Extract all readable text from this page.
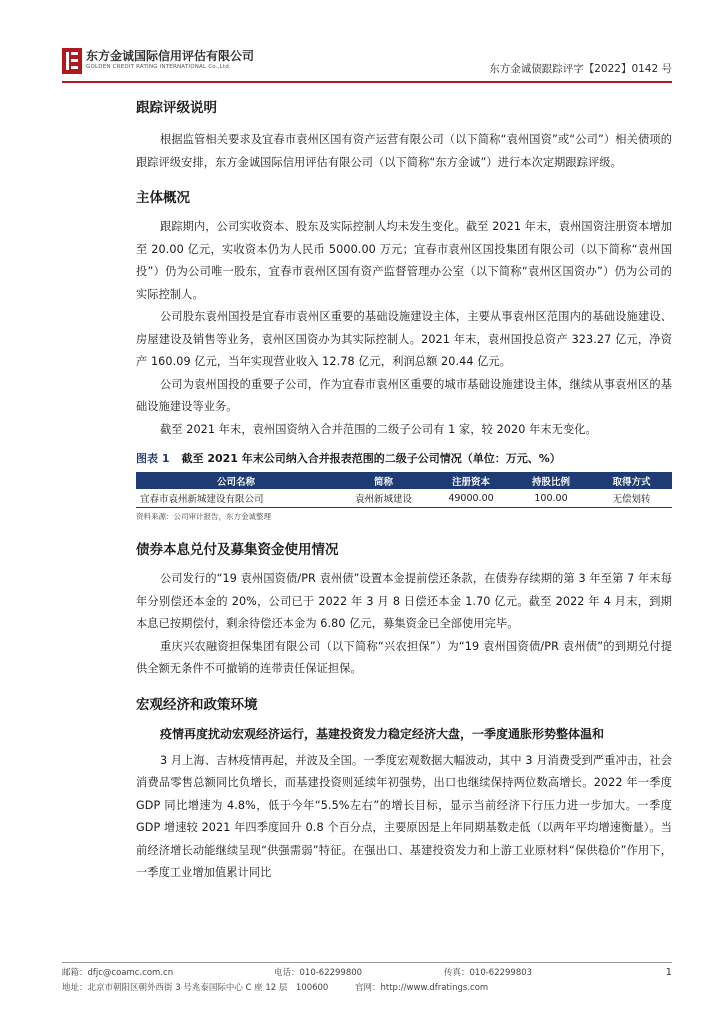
东方金诚国际信用评估有限公司
GOLDEN CREDIT RATING INTERNATIONAL Co.,Ltd.	东方金诚债跟踪评字【2022】0142 号
跟踪评级说明

根据监管相关要求及宜春市袁州区国有资产运营有限公司（以下简称“袁州国资”或“公司”）相关债项的跟踪评级安排，东方金诚国际信用评估有限公司（以下简称“东方金诚”）进行本次定期跟踪评级。

主体概况

跟踪期内，公司实收资本、股东及实际控制人均未发生变化。截至 2021 年末，袁州国资注册资本增加至 20.00 亿元，实收资本仍为人民币 5000.00 万元；宜春市袁州区国投集团有限公司（以下简称“袁州国投”）仍为公司唯一股东，宜春市袁州区国有资产监督管理办公室（以下简称“袁州区国资办”）仍为公司的实际控制人。

公司股东袁州国投是宜春市袁州区重要的基础设施建设主体，主要从事袁州区范围内的基础设施建设、房屋建设及销售等业务，袁州区国资办为其实际控制人。2021 年末，袁州国投总资产 323.27 亿元，净资产 160.09 亿元，当年实现营业收入 12.78 亿元，利润总额 20.44 亿元。

公司为袁州国投的重要子公司，作为宜春市袁州区重要的城市基础设施建设主体，继续从事袁州区的基础设施建设等业务。

截至 2021 年末，袁州国资纳入合并范围的二级子公司有 1 家，较 2020 年末无变化。

图表 1 截至 2021 年末公司纳入合并报表范围的二级子公司情况（单位：万元、%）
公司名称	简称	注册资本	持股比例	取得方式
宜春市袁州新城建设有限公司	袁州新城建设	49000.00	100.00	无偿划转
资料来源：公司审计报告，东方金诚整理
债券本息兑付及募集资金使用情况

公司发行的“19 袁州国资债/PR 袁州债”设置本金提前偿还条款，在债券存续期的第 3 年至第 7 年末每年分别偿还本金的 20%，公司已于 2022 年 3 月 8 日偿还本金 1.70 亿元。截至 2022 年 4 月末，到期本息已按期偿付，剩余待偿还本金为 6.80 亿元，募集资金已全部使用完毕。

重庆兴农融资担保集团有限公司（以下简称“兴农担保”）为“19 袁州国资债/PR 袁州债”的到期兑付提供全额无条件不可撤销的连带责任保证担保。

宏观经济和政策环境
疫情再度扰动宏观经济运行，基建投资发力稳定经济大盘，一季度通胀形势整体温和

3 月上海、吉林疫情再起，并波及全国。一季度宏观数据大幅波动，其中 3 月消费受到严重冲击，社会消费品零售总额同比负增长，而基建投资则延续年初强势，出口也继续保持两位数高增长。2022 年一季度 GDP 同比增速为 4.8%，低于今年“5.5%左右”的增长目标，显示当前经济下行压力进一步加大。一季度 GDP 增速较 2021 年四季度回升 0.8 个百分点，主要原因是上年同期基数走低（以两年平均增速衡量）。当前经济增长动能继续呈现“供强需弱”特征。在强出口、基建投资发力和上游工业原材料“保供稳价”作用下，一季度工业增加值累计同比

邮箱：dfjc@coamc.com.cn	电话：010-62299800	传真：010-62299803
地址：北京市朝阳区朝外西街 3 号兆泰国际中心 C 座 12 层　100600	官网：http://www.dfratings.com
1
